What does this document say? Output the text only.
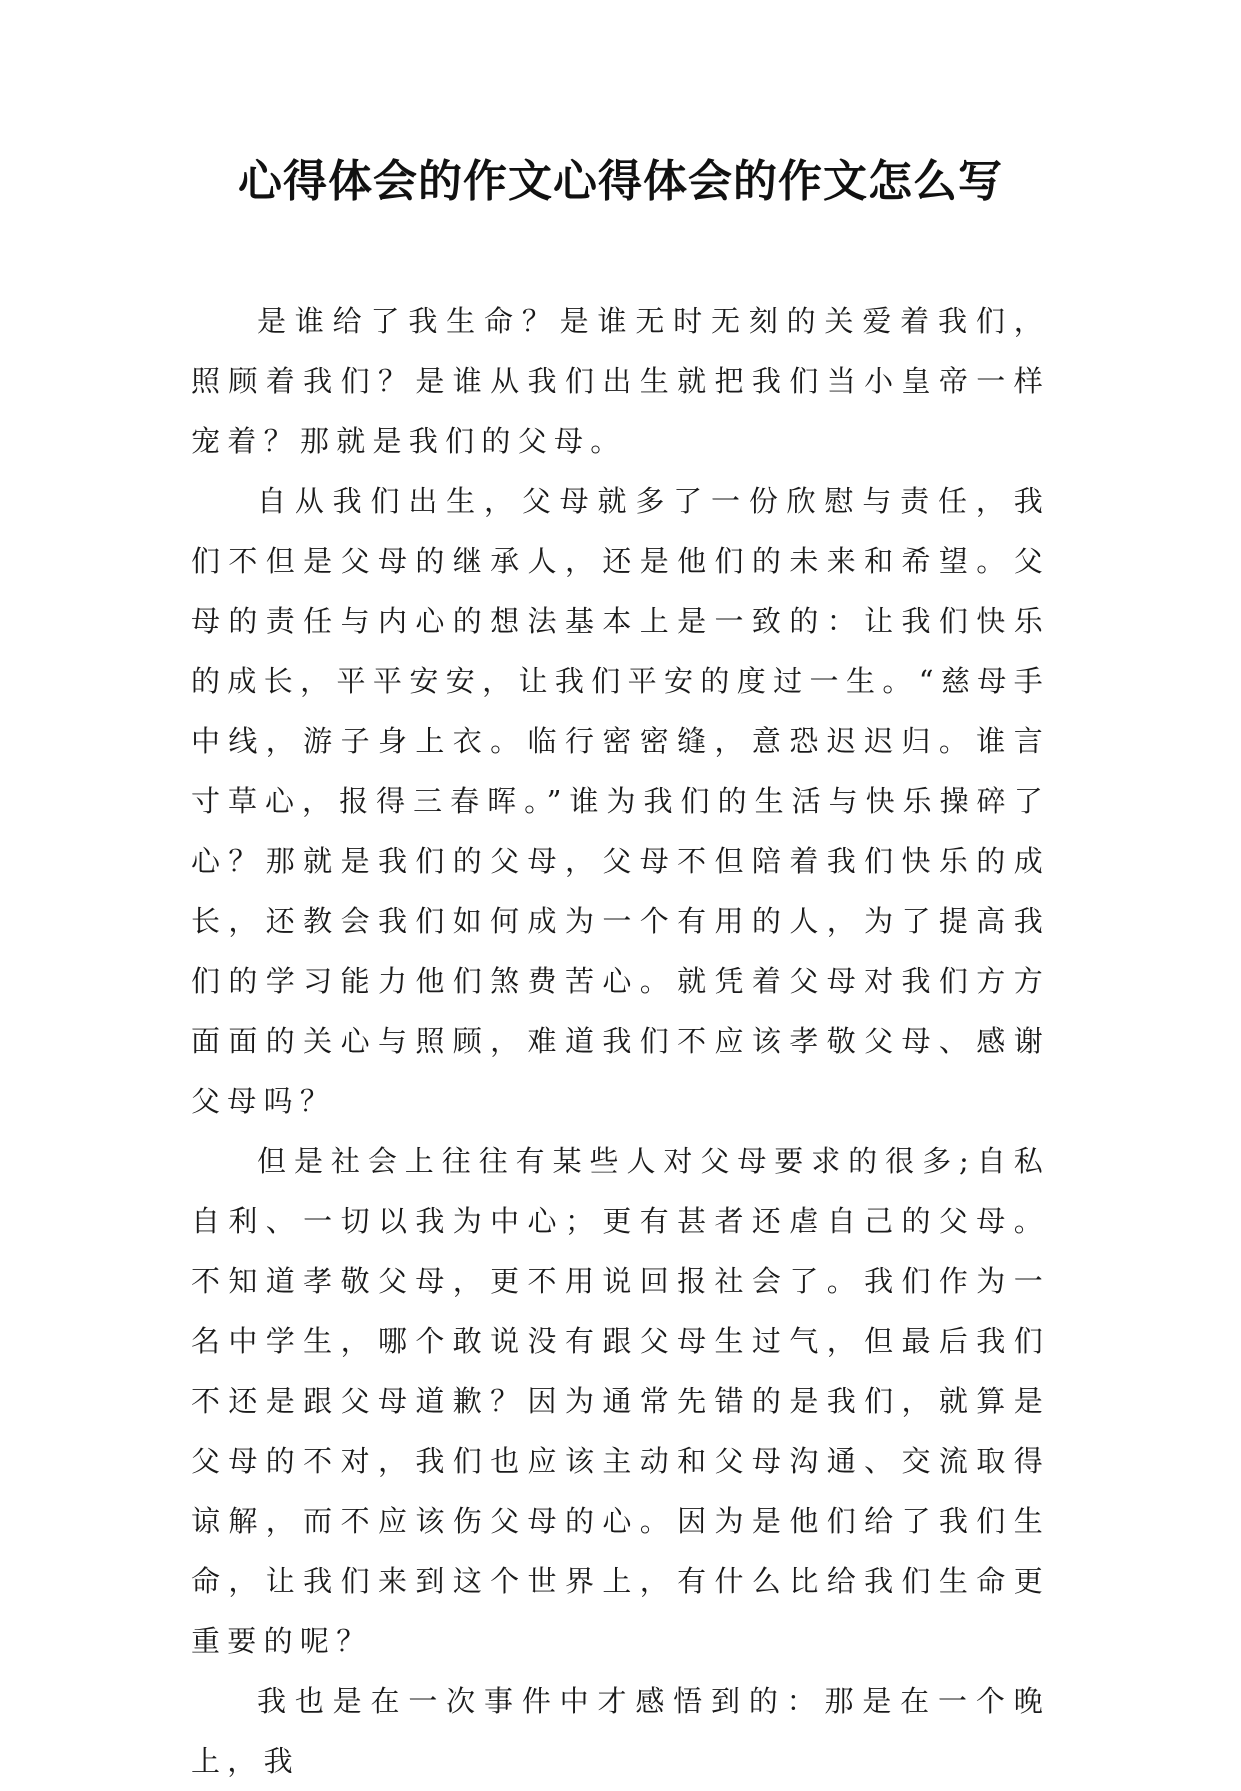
心得体会的作文心得体会的作文怎么写

是谁给了我生命？是谁无时无刻的关爱着我们，照顾着我们？是谁从我们出生就把我们当小皇帝一样宠着？那就是我们的父母。

自从我们出生，父母就多了一份欣慰与责任，我们不但是父母的继承人，还是他们的未来和希望。父母的责任与内心的想法基本上是一致的：让我们快乐的成长，平平安安，让我们平安的度过一生。“慈母手中线，游子身上衣。临行密密缝，意恐迟迟归。谁言寸草心，报得三春晖。”谁为我们的生活与快乐操碎了心？那就是我们的父母，父母不但陪着我们快乐的成长，还教会我们如何成为一个有用的人，为了提高我们的学习能力他们煞费苦心。就凭着父母对我们方方面面的关心与照顾，难道我们不应该孝敬父母、感谢父母吗？

但是社会上往往有某些人对父母要求的很多;自私自利、一切以我为中心；更有甚者还虐自己的父母。不知道孝敬父母，更不用说回报社会了。我们作为一名中学生，哪个敢说没有跟父母生过气，但最后我们不还是跟父母道歉？因为通常先错的是我们，就算是父母的不对，我们也应该主动和父母沟通、交流取得谅解，而不应该伤父母的心。因为是他们给了我们生命，让我们来到这个世界上，有什么比给我们生命更重要的呢？

我也是在一次事件中才感悟到的：那是在一个晚上，我
